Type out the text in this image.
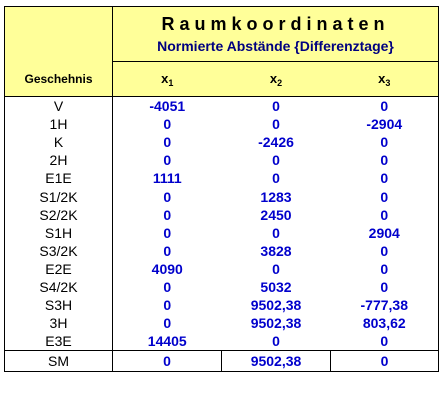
	Raumkoordinaten
Normierte Abstände {Differenztage}		

Geschehnis	$x_1$	$x_2$	$x_3$
V	-4051	0	0
1H	0	0	-2904
K	0	-2426	0
2H	0	0	0
E1E	1111	0	0
S1/2K	0	1283	0
S2/2K	0	2450	0
S1H	0	0	2904
S3/2K	0	3828	0
E2E	4090	0	0
S4/2K	0	5032	0
S3H	0	9502,38	-777,38
3H	0	9502,38	803,62
E3E	14405	0	0
SM	0	9502,38	0
